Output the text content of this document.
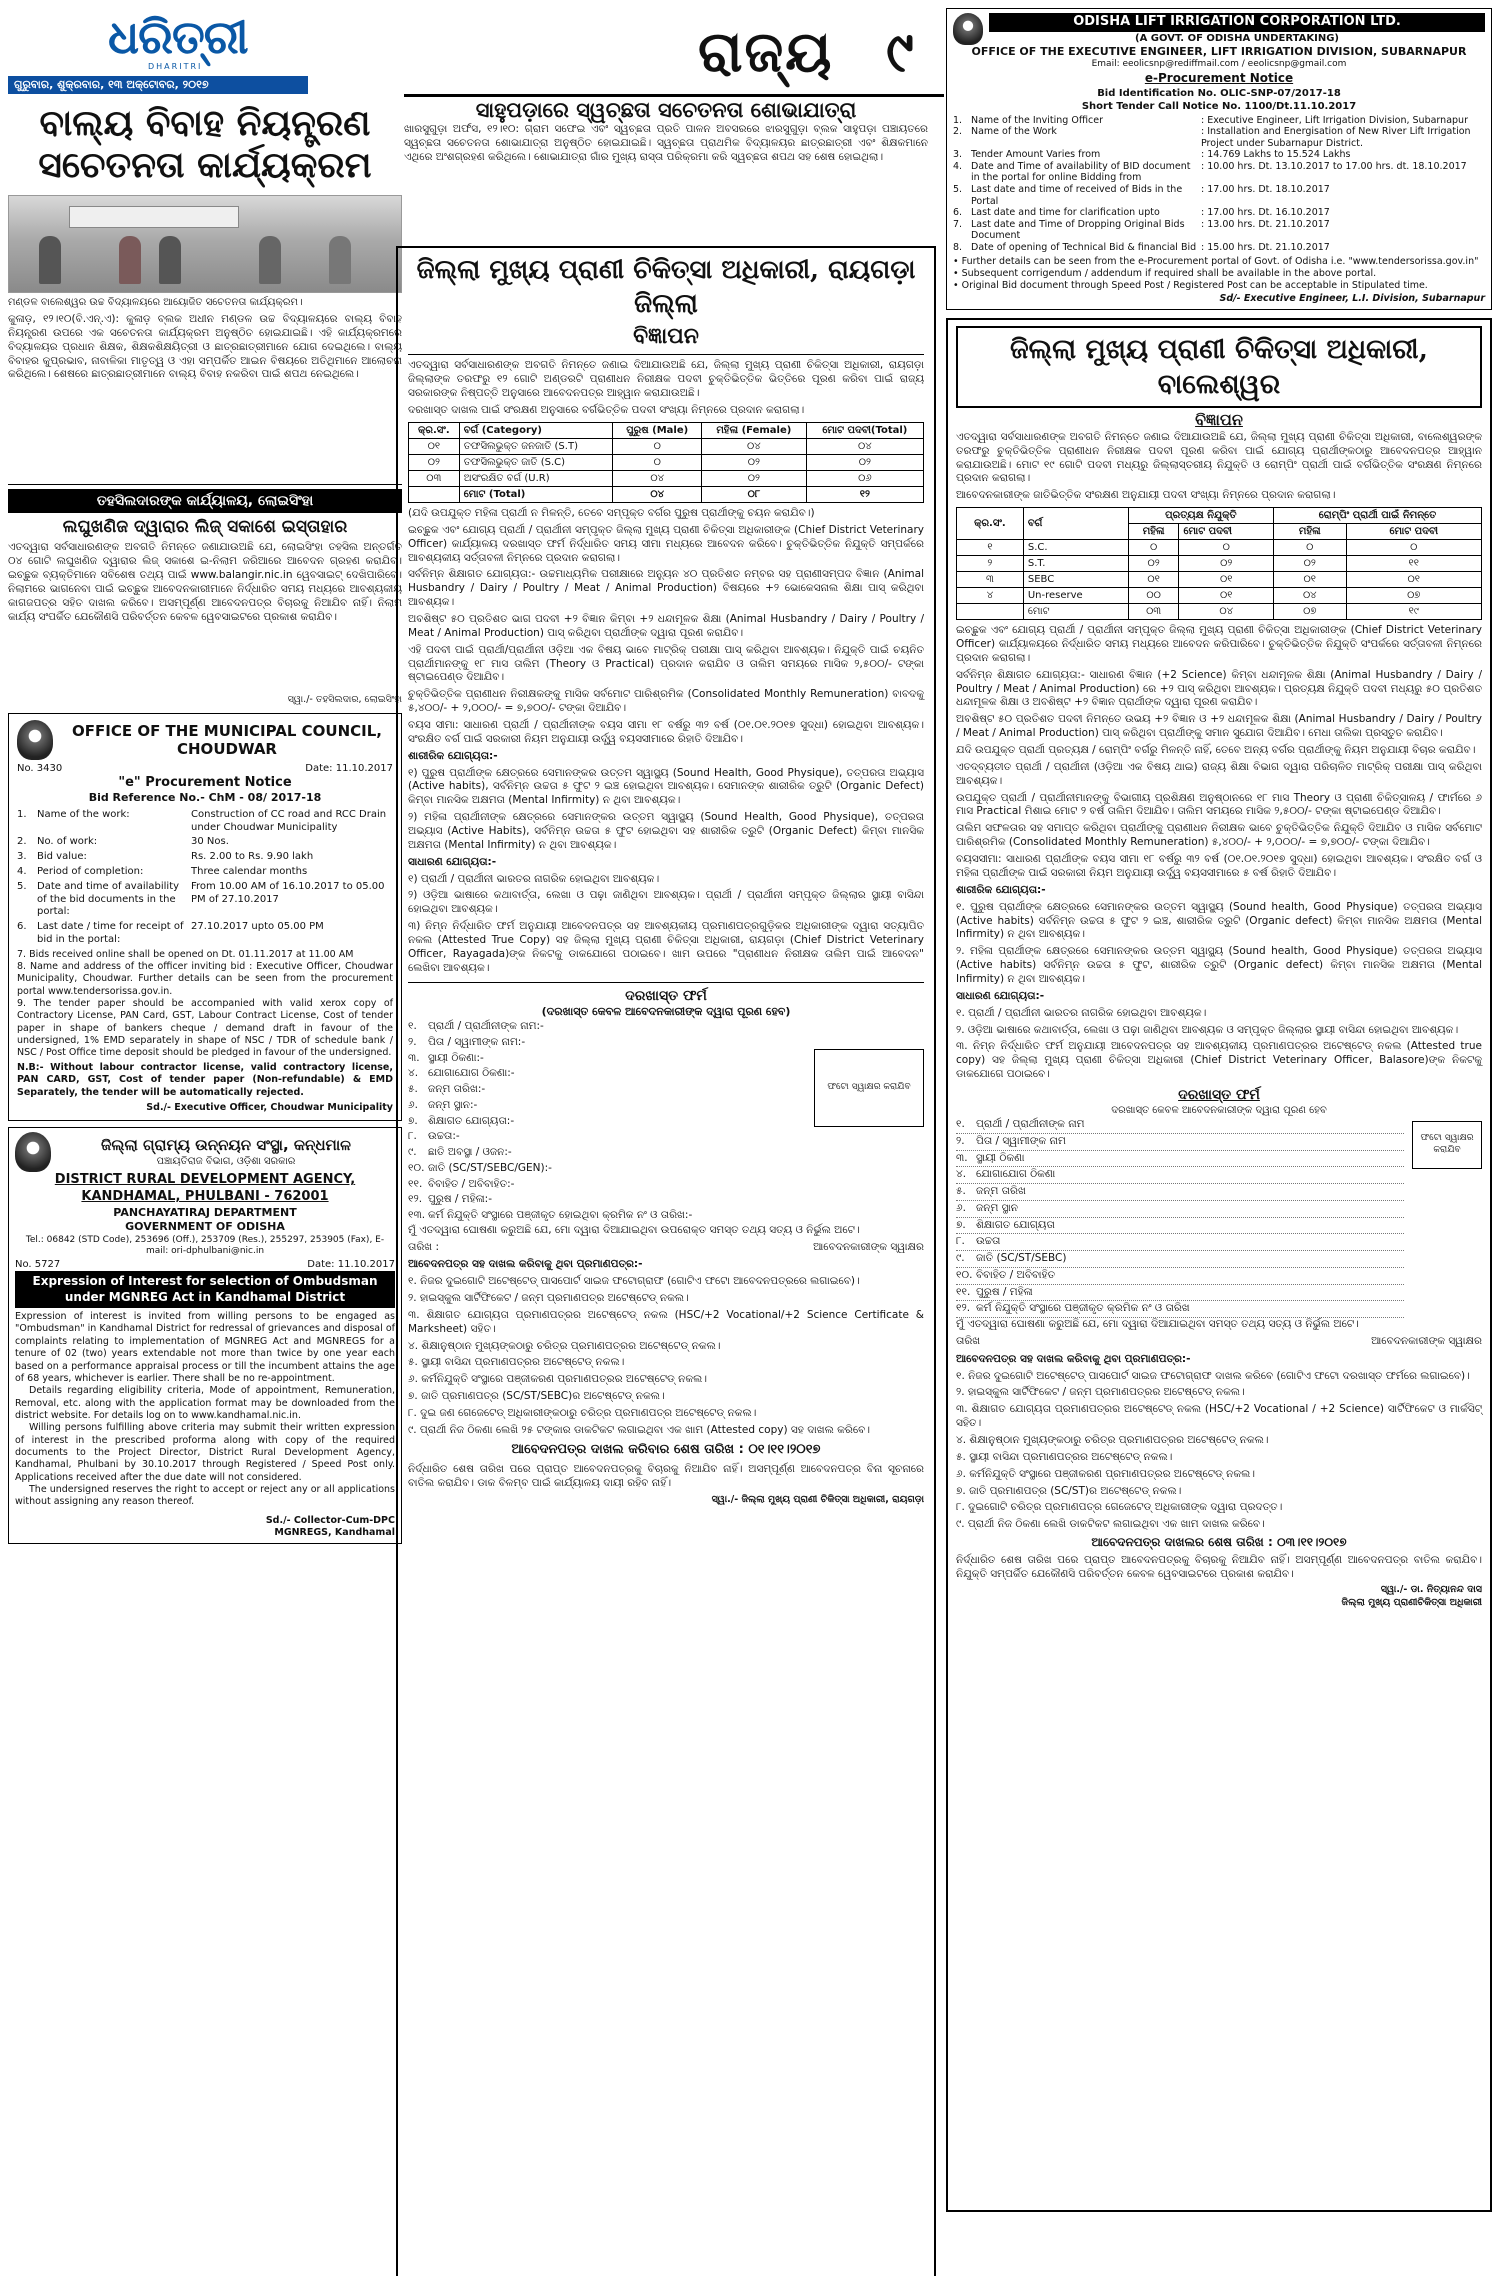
ଧରିତ୍ରୀ
DHARITRI
ଗୁରୁବାର, ଶୁକ୍ରବାର, ୧୩ ଅକ୍ଟୋବର, ୨୦୧୭	ରାଜ୍ୟ ୯
ବାଲ୍ୟ ବିବାହ ନିୟନ୍ତ୍ରଣ ସଚେତନତା କାର୍ଯ୍ୟକ୍ରମ
ମଣ୍ଡଳ ବାଲେଶ୍ୱର ଉଚ୍ଚ ବିଦ୍ୟାଳୟରେ ଆୟୋଜିତ ସଚେତନତା କାର୍ଯ୍ୟକ୍ରମ।
କୁଳାଡ଼, ୧୨।୧୦(ବି.ଏନ୍.ଏ): କୁଳାଡ଼ ବ୍ଲକ ଅଧୀନ ମଣ୍ଡଳ ଉଚ୍ଚ ବିଦ୍ୟାଳୟରେ ବାଲ୍ୟ ବିବାହ ନିୟନ୍ତ୍ରଣ ଉପରେ ଏକ ସଚେତନତା କାର୍ଯ୍ୟକ୍ରମ ଅନୁଷ୍ଠିତ ହୋଇଯାଇଛି। ଏହି କାର୍ଯ୍ୟକ୍ରମରେ ବିଦ୍ୟାଳୟର ପ୍ରଧାନ ଶିକ୍ଷକ, ଶିକ୍ଷକଶିକ୍ଷୟିତ୍ରୀ ଓ ଛାତ୍ରଛାତ୍ରୀମାନେ ଯୋଗ ଦେଇଥିଲେ। ବାଲ୍ୟ ବିବାହର କୁପ୍ରଭାବ, ନାବାଳିକା ମାତୃତ୍ୱ ଓ ଏହା ସମ୍ପର୍କିତ ଆଇନ ବିଷୟରେ ଅତିଥିମାନେ ଆଲୋଚନା କରିଥିଲେ। ଶେଷରେ ଛାତ୍ରଛାତ୍ରୀମାନେ ବାଲ୍ୟ ବିବାହ ନକରିବା ପାଇଁ ଶପଥ ନେଇଥିଲେ।
ତହସିଲଦାରଙ୍କ କାର୍ଯ୍ୟାଳୟ, ଲୋଇସିଂହା
ଲଘୁଖଣିଜ ଦ୍ୱାରାର ଲିଜ୍ ସକାଶେ ଇସ୍ତାହାର
ଏତଦ୍ୱାରା ସର୍ବସାଧାରଣଙ୍କ ଅବଗତି ନିମନ୍ତେ ଜଣାଯାଉଅଛି ଯେ, ଲୋଇସିଂହା ତହସିଲ ଅନ୍ତର୍ଗତ ୦୪ ଗୋଟି ଲଘୁଖଣିଜ ଦ୍ୱାରାର ଲିଜ୍ ସକାଶେ ଇ-ନିଲାମ ଜରିଆରେ ଆବେଦନ ଗ୍ରହଣ କରାଯିବ। ଇଚ୍ଛୁକ ବ୍ୟକ୍ତିମାନେ ସବିଶେଷ ତଥ୍ୟ ପାଇଁ www.balangir.nic.in ୱେବସାଇଟ୍ ଦେଖିପାରିବେ। ନିଲାମରେ ଭାଗନେବା ପାଇଁ ଇଚ୍ଛୁକ ଆବେଦନକାରୀମାନେ ନିର୍ଦ୍ଧାରିତ ସମୟ ମଧ୍ୟରେ ଆବଶ୍ୟକୀୟ କାଗଜପତ୍ର ସହିତ ଦାଖଲ କରିବେ। ଅସମ୍ପୂର୍ଣ୍ଣ ଆବେଦନପତ୍ର ବିଚାରକୁ ନିଆଯିବ ନାହିଁ। ନିଲାମ କାର୍ଯ୍ୟ ସଂପର୍କିତ ଯେକୌଣସି ପରିବର୍ତ୍ତନ କେବଳ ୱେବସାଇଟରେ ପ୍ରକାଶ କରାଯିବ।
ସ୍ୱା./- ତହସିଲଦାର, ଲୋଇସିଂହା
OFFICE OF THE MUNICIPAL COUNCIL, CHOUDWAR
No. 3430	Date: 11.10.2017
"e" Procurement Notice
Bid Reference No.- ChM - 08/ 2017-18
1.	Name of the work:	Construction of CC road and RCC Drain under Choudwar Municipality
2.	No. of work:	30 Nos.
3.	Bid value:	Rs. 2.00 to Rs. 9.90 lakh
4.	Period of completion:	Three calendar months
5.	Date and time of availability of the bid documents in the portal:
From 10.00 AM of 16.10.2017 to 05.00 PM of 27.10.2017
6.	Last date / time for receipt of bid in the portal:
27.10.2017 upto 05.00 PM
7. Bids received online shall be opened on Dt. 01.11.2017 at 11.00 AM
8. Name and address of the officer inviting bid : Executive Officer, Choudwar Municipality, Choudwar. Further details can be seen from the procurement portal www.tendersorissa.gov.in.
9. The tender paper should be accompanied with valid xerox copy of Contractory License, PAN Card, GST, Labour Contract License, Cost of tender paper in shape of bankers cheque / demand draft in favour of the undersigned, 1% EMD separately in shape of NSC / TDR of schedule bank / NSC / Post Office time deposit should be pledged in favour of the undersigned.
N.B:- Without labour contractor license, valid contractory license, PAN CARD, GST, Cost of tender paper (Non-refundable) & EMD Separately, the tender will be automatically rejected.
Sd./- Executive Officer, Choudwar Municipality
ଜିଲ୍ଲା ଗ୍ରାମ୍ୟ ଉନ୍ନୟନ ସଂସ୍ଥା, କନ୍ଧମାଳ
ପଞ୍ଚାୟତିରାଜ ବିଭାଗ, ଓଡ଼ିଶା ସରକାର
DISTRICT RURAL DEVELOPMENT AGENCY, KANDHAMAL, PHULBANI - 762001
PANCHAYATIRAJ DEPARTMENT
GOVERNMENT OF ODISHA
Tel.: 06842 (STD Code), 253696 (Off.), 253709 (Res.), 255297, 253905 (Fax), E-mail: ori-dphulbani@nic.in
No. 5727	Date: 11.10.2017
Expression of Interest for selection of Ombudsman under MGNREG Act in Kandhamal District
Expression of interest is invited from willing persons to be engaged as "Ombudsman" in Kandhamal District for redressal of grievances and disposal of complaints relating to implementation of MGNREG Act and MGNREGS for a tenure of 02 (two) years extendable not more than twice by one year each based on a performance appraisal process or till the incumbent attains the age of 68 years, whichever is earlier. There shall be no re-appointment.
Details regarding eligibility criteria, Mode of appointment, Remuneration, Removal, etc. along with the application format may be downloaded from the district website. For details log on to www.kandhamal.nic.in.
Willing persons fulfilling above criteria may submit their written expression of interest in the prescribed proforma along with copy of the required documents to the Project Director, District Rural Development Agency, Kandhamal, Phulbani by 30.10.2017 through Registered / Speed Post only. Applications received after the due date will not considered.
The undersigned reserves the right to accept or reject any or all applications without assigning any reason thereof.
Sd./- Collector-Cum-DPC
MGNREGS, Kandhamal
ସାହୁପଡ଼ାରେ ସ୍ୱଚ୍ଛତା ସଚେତନତା ଶୋଭାଯାତ୍ରା
ଖାରସୁଗୁଡ଼ା ଅର୍ଫସ, ୧୨।୧୦: ଗ୍ରାମ ସଫେଇ ଏବଂ ସ୍ୱଚ୍ଛତା ପ୍ରତି ପାଳନ ଅବସରରେ ଝାରସୁଗୁଡ଼ା ବ୍ଲକ ସାହୁପଡ଼ା ପଞ୍ଚାୟତରେ ସ୍ୱଚ୍ଛତା ସଚେତନତା ଶୋଭାଯାତ୍ରା ଅନୁଷ୍ଠିତ ହୋଇଯାଇଛି। ସ୍ୱଚ୍ଛତା ପ୍ରାଥମିକ ବିଦ୍ୟାଳୟର ଛାତ୍ରଛାତ୍ରୀ ଏବଂ ଶିକ୍ଷକମାନେ ଏଥିରେ ଅଂଶଗ୍ରହଣ କରିଥିଲେ। ଶୋଭାଯାତ୍ରା ଗାଁର ମୁଖ୍ୟ ରାସ୍ତା ପରିକ୍ରମା କରି ସ୍ୱଚ୍ଛତା ଶପଥ ସହ ଶେଷ ହୋଇଥିଲା।
ଜିଲ୍ଲା ମୁଖ୍ୟ ପ୍ରାଣୀ ଚିକିତ୍ସା ଅଧିକାରୀ, ରାୟଗଡ଼ା ଜିଲ୍ଲା
ବିଜ୍ଞାପନ
ଏତଦ୍ୱାରା ସର୍ବସାଧାରଣଙ୍କ ଅବଗତି ନିମନ୍ତେ ଜଣାଇ ଦିଆଯାଉଅଛି ଯେ, ଜିଲ୍ଲା ମୁଖ୍ୟ ପ୍ରାଣୀ ଚିକିତ୍ସା ଅଧିକାରୀ, ରାୟଗଡ଼ା ଜିଲ୍ଲାଙ୍କ ତରଫରୁ ୧୨ ଗୋଟି ଅଣ୍ଡରଟି ପ୍ରାଣୀଧନ ନିରୀକ୍ଷକ ପଦବୀ ଚୁକ୍ତିଭିତ୍ତିକ ଭିତ୍ତିରେ ପୂରଣ କରିବା ପାଇଁ ରାଜ୍ୟ ସରକାରଙ୍କ ନିଷ୍ପତ୍ତି ଅନୁସାରେ ଆବେଦନପତ୍ର ଆହ୍ୱାନ କରାଯାଉଅଛି।
ଦରଖାସ୍ତ ଦାଖଲ ପାଇଁ ସଂରକ୍ଷଣ ଅନୁସାରେ ବର୍ଗଭିତ୍ତିକ ପଦବୀ ସଂଖ୍ୟା ନିମ୍ନରେ ପ୍ରଦାନ କରାଗଲା।
କ୍ର.ସଂ.	ବର୍ଗ (Category)	ପୁରୁଷ (Male)	ମହିଳା (Female)	ମୋଟ ପଦବୀ(Total)
୦୧	ତଫସିଲଭୁକ୍ତ ଜନଜାତି (S.T)	୦	୦୪	୦୪
୦୨	ତଫସିଲଭୁକ୍ତ ଜାତି (S.C)	୦	୦୨	୦୨
୦୩	ଅସଂରକ୍ଷିତ ବର୍ଗ (U.R)	୦୪	୦୨	୦୬
	ମୋଟ (Total)	୦୪	୦୮	୧୨
(ଯଦି ଉପଯୁକ୍ତ ମହିଳା ପ୍ରାର୍ଥୀ ନ ମିଳନ୍ତି, ତେବେ ସମ୍ପୃକ୍ତ ବର୍ଗର ପୁରୁଷ ପ୍ରାର୍ଥୀଙ୍କୁ ଚୟନ କରାଯିବ।)
ଇଚ୍ଛୁକ ଏବଂ ଯୋଗ୍ୟ ପ୍ରାର୍ଥୀ / ପ୍ରାର୍ଥୀନୀ ସମ୍ପୃକ୍ତ ଜିଲ୍ଲା ମୁଖ୍ୟ ପ୍ରାଣୀ ଚିକିତ୍ସା ଅଧିକାରୀଙ୍କ (Chief District Veterinary Officer) କାର୍ଯ୍ୟାଳୟ ଦରଖାସ୍ତ ଫର୍ମ ନିର୍ଦ୍ଧାରିତ ସମୟ ସୀମା ମଧ୍ୟରେ ଆବେଦନ କରିବେ। ଚୁକ୍ତିଭିତ୍ତିକ ନିଯୁକ୍ତି ସମ୍ପର୍କରେ ଆବଶ୍ୟକୀୟ ସର୍ତ୍ତାବଳୀ ନିମ୍ନରେ ପ୍ରଦାନ କରାଗଲା।
ସର୍ବନିମ୍ନ ଶିକ୍ଷାଗତ ଯୋଗ୍ୟତା:- ଉଚ୍ଚମାଧ୍ୟମିକ ପରୀକ୍ଷାରେ ଅନ୍ୟୁନ ୪୦ ପ୍ରତିଶତ ନମ୍ବର ସହ ପ୍ରାଣୀସମ୍ପଦ ବିଜ୍ଞାନ (Animal Husbandry / Dairy / Poultry / Meat / Animal Production) ବିଷୟରେ +୨ ଭୋକେସନାଲ ଶିକ୍ଷା ପାସ୍ କରିଥିବା ଆବଶ୍ୟକ।
ଅବଶିଷ୍ଟ ୫୦ ପ୍ରତିଶତ ଭାଗ ପଦବୀ +୨ ବିଜ୍ଞାନ କିମ୍ବା +୨ ଧନ୍ଦାମୂଳକ ଶିକ୍ଷା (Animal Husbandry / Dairy / Poultry / Meat / Animal Production) ପାସ୍ କରିଥିବା ପ୍ରାର୍ଥୀଙ୍କ ଦ୍ୱାରା ପୂରଣ କରାଯିବ।
ଏହି ପଦବୀ ପାଇଁ ପ୍ରାର୍ଥୀ/ପ୍ରାର୍ଥୀନୀ ଓଡ଼ିଆ ଏକ ବିଷୟ ଭାବେ ମାଟ୍ରିକ୍ ପରୀକ୍ଷା ପାସ୍ କରିଥିବା ଆବଶ୍ୟକ। ନିଯୁକ୍ତି ପାଇଁ ଚୟନିତ ପ୍ରାର୍ଥୀମାନଙ୍କୁ ୧୮ ମାସ ତାଲିମ (Theory ଓ Practical) ପ୍ରଦାନ କରାଯିବ ଓ ତାଲିମ ସମୟରେ ମାସିକ ୨,୫୦୦/- ଟଙ୍କା ଷ୍ଟାଇପେଣ୍ଡ ଦିଆଯିବ।
ଚୁକ୍ତିଭିତ୍ତିକ ପ୍ରାଣୀଧନ ନିରୀକ୍ଷକଙ୍କୁ ମାସିକ ସର୍ବମୋଟ ପାରିଶ୍ରମିକ (Consolidated Monthly Remuneration) ବାବଦକୁ ୫,୪୦୦/- + ୨,୦୦୦/- = ୭,୭୦୦/- ଟଙ୍କା ଦିଆଯିବ।
ବୟସ ସୀମା: ସାଧାରଣ ପ୍ରାର୍ଥୀ / ପ୍ରାର୍ଥୀନୀଙ୍କ ବୟସ ସୀମା ୧୮ ବର୍ଷରୁ ୩୨ ବର୍ଷ (୦୧.୦୧.୨୦୧୭ ସୁଦ୍ଧା) ହୋଇଥିବା ଆବଶ୍ୟକ। ସଂରକ୍ଷିତ ବର୍ଗ ପାଇଁ ସରକାରୀ ନିୟମ ଅନୁଯାୟୀ ଉର୍ଦ୍ଧ୍ୱ ବୟସସୀମାରେ ରିହାତି ଦିଆଯିବ।
ଶାରୀରିକ ଯୋଗ୍ୟତା:-
୧) ପୁରୁଷ ପ୍ରାର୍ଥୀଙ୍କ କ୍ଷେତ୍ରରେ ସେମାନଙ୍କର ଉତ୍ତମ ସ୍ୱାସ୍ଥ୍ୟ (Sound Health, Good Physique), ତତ୍ପରତା ଅଭ୍ୟାସ (Active habits), ସର୍ବନିମ୍ନ ଉଚ୍ଚତା ୫ ଫୁଟ ୨ ଇଞ୍ଚ ହୋଇଥିବା ଆବଶ୍ୟକ। ସେମାନଙ୍କ ଶାରୀରିକ ତ୍ରୁଟି (Organic Defect) କିମ୍ବା ମାନସିକ ଅକ୍ଷମତା (Mental Infirmity) ନ ଥିବା ଆବଶ୍ୟକ।
୨) ମହିଳା ପ୍ରାର୍ଥୀନୀଙ୍କ କ୍ଷେତ୍ରରେ ସେମାନଙ୍କର ଉତ୍ତମ ସ୍ୱାସ୍ଥ୍ୟ (Sound Health, Good Physique), ତତ୍ପରତା ଅଭ୍ୟାସ (Active Habits), ସର୍ବନିମ୍ନ ଉଚ୍ଚତା ୫ ଫୁଟ ହୋଇଥିବା ସହ ଶାରୀରିକ ତ୍ରୁଟି (Organic Defect) କିମ୍ବା ମାନସିକ ଅକ୍ଷମତା (Mental Infirmity) ନ ଥିବା ଆବଶ୍ୟକ।
ସାଧାରଣ ଯୋଗ୍ୟତା:-
୧) ପ୍ରାର୍ଥୀ / ପ୍ରାର୍ଥୀନୀ ଭାରତର ନାଗରିକ ହୋଇଥିବା ଆବଶ୍ୟକ।
୨) ଓଡ଼ିଆ ଭାଷାରେ କଥାବାର୍ତ୍ତା, ଲେଖା ଓ ପଢ଼ା ଜାଣିଥିବା ଆବଶ୍ୟକ। ପ୍ରାର୍ଥୀ / ପ୍ରାର୍ଥୀନୀ ସମ୍ପୃକ୍ତ ଜିଲ୍ଲାର ସ୍ଥାୟୀ ବାସିନ୍ଦା ହୋଇଥିବା ଆବଶ୍ୟକ।
୩) ନିମ୍ନ ନିର୍ଦ୍ଧାରିତ ଫର୍ମ ଅନୁଯାୟୀ ଆବେଦନପତ୍ର ସହ ଆବଶ୍ୟକୀୟ ପ୍ରମାଣପତ୍ରଗୁଡ଼ିକର ଅଧିକାରୀଙ୍କ ଦ୍ୱାରା ସତ୍ୟାପିତ ନକଲ (Attested True Copy) ସହ ଜିଲ୍ଲା ମୁଖ୍ୟ ପ୍ରାଣୀ ଚିକିତ୍ସା ଅଧିକାରୀ, ରାୟଗଡ଼ା (Chief District Veterinary Officer, Rayagada)ଙ୍କ ନିକଟକୁ ଡାକଯୋଗେ ପଠାଇବେ। ଖାମ ଉପରେ "ପ୍ରାଣୀଧନ ନିରୀକ୍ଷକ ତାଲିମ ପାଇଁ ଆବେଦନ" ଲେଖିବା ଆବଶ୍ୟକ।
ଦରଖାସ୍ତ ଫର୍ମ
(ଦରଖାସ୍ତ କେବଳ ଆବେଦନକାରୀଙ୍କ ଦ୍ୱାରା ପୂରଣ ହେବ)
୧.	ପ୍ରାର୍ଥୀ / ପ୍ରାର୍ଥୀନୀଙ୍କ ନାମ:-
୨.	ପିତା / ସ୍ୱାମୀଙ୍କ ନାମ:-
୩. ସ୍ଥାୟୀ ଠିକଣା:-
୪. ଯୋଗାଯୋଗ ଠିକଣା:-
୫. ଜନ୍ମ ତାରିଖ:-
୬. ଜନ୍ମ ସ୍ଥାନ:-
୭. ଶିକ୍ଷାଗତ ଯୋଗ୍ୟତା:-
୮.	ଉଚ୍ଚତା:-
୯.	ଛାତି ଅବସ୍ଥା / ଓଜନ:-
୧୦. ଜାତି (SC/ST/SEBC/GEN):-
୧୧. ବିବାହିତ / ଅବିବାହିତ:-
୧୨. ପୁରୁଷ / ମହିଳା:-
୧୩. କର୍ମ ନିଯୁକ୍ତି ସଂସ୍ଥାରେ ପଞ୍ଜୀକୃତ ହୋଇଥିବା କ୍ରମିକ ନଂ ଓ ତାରିଖ:-
ଫଟୋ ସ୍ୱାକ୍ଷର କରାଯିବ
ମୁଁ ଏତଦ୍ୱାରା ଘୋଷଣା କରୁଅଛି ଯେ, ମୋ ଦ୍ୱାରା ଦିଆଯାଇଥିବା ଉପରୋକ୍ତ ସମସ୍ତ ତଥ୍ୟ ସତ୍ୟ ଓ ନିର୍ଭୁଲ ଅଟେ।
ତାରିଖ :	ଆବେଦନକାରୀଙ୍କ ସ୍ୱାକ୍ଷର
ଆବେଦନପତ୍ର ସହ ଦାଖଲ କରିବାକୁ ଥିବା ପ୍ରମାଣପତ୍ର:-
୧. ନିଜର ଦୁଇଗୋଟି ଅଟେଷ୍ଟେଡ୍ ପାସପୋର୍ଟ ସାଇଜ ଫଟୋଗ୍ରାଫ (ଗୋଟିଏ ଫଟୋ ଆବେଦନପତ୍ରରେ ଲଗାଇବେ)।
୨. ହାଇସ୍କୁଲ ସାର୍ଟିଫିକେଟ / ଜନ୍ମ ପ୍ରମାଣପତ୍ର ଅଟେଷ୍ଟେଡ୍ ନକଲ।
୩. ଶିକ୍ଷାଗତ ଯୋଗ୍ୟତା ପ୍ରମାଣପତ୍ରର ଅଟେଷ୍ଟେଡ୍ ନକଲ (HSC/+2 Vocational/+2 Science Certificate & Marksheet) ସହିତ।
୪. ଶିକ୍ଷାନୁଷ୍ଠାନ ମୁଖ୍ୟଙ୍କଠାରୁ ଚରିତ୍ର ପ୍ରମାଣପତ୍ରର ଅଟେଷ୍ଟେଡ୍ ନକଲ।
୫. ସ୍ଥାୟୀ ବାସିନ୍ଦା ପ୍ରମାଣପତ୍ରର ଅଟେଷ୍ଟେଡ୍ ନକଲ।
୬. କର୍ମନିଯୁକ୍ତି ସଂସ୍ଥାରେ ପଞ୍ଜୀକରଣ ପ୍ରମାଣପତ୍ରର ଅଟେଷ୍ଟେଡ୍ ନକଲ।
୭. ଜାତି ପ୍ରମାଣପତ୍ର (SC/ST/SEBC)ର ଅଟେଷ୍ଟେଡ୍ ନକଲ।
୮. ଦୁଇ ଜଣ ଗେଜେଟେଡ୍ ଅଧିକାରୀଙ୍କଠାରୁ ଚରିତ୍ର ପ୍ରମାଣପତ୍ର ଅଟେଷ୍ଟେଡ୍ ନକଲ।
୯. ପ୍ରାର୍ଥୀ ନିଜ ଠିକଣା ଲେଖି ୨୫ ଟଙ୍କାର ଡାକଟିକଟ ଲଗାଇଥିବା ଏକ ଖାମ (Attested copy) ସହ ଦାଖଲ କରିବେ।
ଆବେଦନପତ୍ର ଦାଖଲ କରିବାର ଶେଷ ତାରିଖ : ୦୧।୧୧।୨୦୧୭
ନିର୍ଦ୍ଧାରିତ ଶେଷ ତାରିଖ ପରେ ପ୍ରାପ୍ତ ଆବେଦନପତ୍ରକୁ ବିଚାରକୁ ନିଆଯିବ ନାହିଁ। ଅସମ୍ପୂର୍ଣ୍ଣ ଆବେଦନପତ୍ର ବିନା ସୂଚନାରେ ବାତିଲ କରାଯିବ। ଡାକ ବିଳମ୍ବ ପାଇଁ କାର୍ଯ୍ୟାଳୟ ଦାୟୀ ରହିବ ନାହିଁ।
ସ୍ୱା./- ଜିଲ୍ଲା ମୁଖ୍ୟ ପ୍ରାଣୀ ଚିକିତ୍ସା ଅଧିକାରୀ, ରାୟଗଡ଼ା
ODISHA LIFT IRRIGATION CORPORATION LTD.
(A GOVT. OF ODISHA UNDERTAKING)
OFFICE OF THE EXECUTIVE ENGINEER, LIFT IRRIGATION DIVISION, SUBARNAPUR
Email: eeolicsnp@rediffmail.com / eeolicsnp@gmail.com
e-Procurement Notice
Bid Identification No. OLIC-SNP-07/2017-18
Short Tender Call Notice No. 1100/Dt.11.10.2017
1. Name of the Inviting Officer	: Executive Engineer, Lift Irrigation Division, Subarnapur
2. Name of the Work	: Installation and Energisation of New River Lift Irrigation Project under Subarnapur District.
3. Tender Amount Varies from	: 14.769 Lakhs to 15.524 Lakhs
4. Date and Time of availability of BID document in the portal for online Bidding from
: 10.00 hrs. Dt. 13.10.2017 to 17.00 hrs. dt. 18.10.2017
5. Last date and time of received of Bids in the Portal
: 17.00 hrs. Dt. 18.10.2017
6. Last date and time for clarification upto	: 17.00 hrs. Dt. 16.10.2017
7. Last date and Time of Dropping Original Bids Document
: 13.00 hrs. Dt. 21.10.2017
8. Date of opening of Technical Bid & financial Bid : 15.00 hrs. Dt. 21.10.2017
• Further details can be seen from the e-Procurement portal of Govt. of Odisha i.e. "www.tendersorissa.gov.in"
• Subsequent corrigendum / addendum if required shall be available in the above portal.
• Original Bid document through Speed Post / Registered Post can be acceptable in Stipulated time.
Sd/- Executive Engineer, L.I. Division, Subarnapur
ଜିଲ୍ଲା ମୁଖ୍ୟ ପ୍ରାଣୀ ଚିକିତ୍ସା ଅଧିକାରୀ, ବାଲେଶ୍ୱର
ବିଜ୍ଞାପନ
ଏତଦ୍ୱାରା ସର୍ବସାଧାରଣଙ୍କ ଅବଗତି ନିମନ୍ତେ ଜଣାଇ ଦିଆଯାଉଅଛି ଯେ, ଜିଲ୍ଲା ମୁଖ୍ୟ ପ୍ରାଣୀ ଚିକିତ୍ସା ଅଧିକାରୀ, ବାଲେଶ୍ୱରଙ୍କ ତରଫରୁ ଚୁକ୍ତିଭିତ୍ତିକ ପ୍ରାଣୀଧନ ନିରୀକ୍ଷକ ପଦବୀ ପୂରଣ କରିବା ପାଇଁ ଯୋଗ୍ୟ ପ୍ରାର୍ଥୀଙ୍କଠାରୁ ଆବେଦନପତ୍ର ଆହ୍ୱାନ କରାଯାଉଅଛି। ମୋଟ ୧୯ ଗୋଟି ପଦବୀ ମଧ୍ୟରୁ ଜିଲ୍ଲାସ୍ତରୀୟ ନିଯୁକ୍ତି ଓ ରୋମ୍ପିଂ ପ୍ରାର୍ଥୀ ପାଇଁ ବର୍ଗଭିତ୍ତିକ ସଂରକ୍ଷଣ ନିମ୍ନରେ ପ୍ରଦାନ କରାଗଲା।
ଆବେଦନକାରୀଙ୍କ ଜାତିଭିତ୍ତିକ ସଂରକ୍ଷଣ ଅନୁଯାୟୀ ପଦବୀ ସଂଖ୍ୟା ନିମ୍ନରେ ପ୍ରଦାନ କରାଗଲା।
କ୍ର.ସଂ.	ବର୍ଗ	ପ୍ରତ୍ୟକ୍ଷ ନିଯୁକ୍ତି		ରୋମ୍ପିଂ ପ୍ରାର୍ଥୀ ପାଇଁ ନିମନ୍ତେ	
		ମହିଳା	ମୋଟ ପଦବୀ	ମହିଳା	ମୋଟ ପଦବୀ
୧	S.C.	୦	୦	୦	୦
୨	S.T.	୦୨	୦୨	୦୨	୧୧
୩	SEBC	୦୧	୦୧	୦୧	୦୧
୪	Un-reserve	୦୦	୦୧	୦୪	୦୭
	ମୋଟ	୦୩	୦୪	୦୭	୧୯
ଇଚ୍ଛୁକ ଏବଂ ଯୋଗ୍ୟ ପ୍ରାର୍ଥୀ / ପ୍ରାର୍ଥୀନୀ ସମ୍ପୃକ୍ତ ଜିଲ୍ଲା ମୁଖ୍ୟ ପ୍ରାଣୀ ଚିକିତ୍ସା ଅଧିକାରୀଙ୍କ (Chief District Veterinary Officer) କାର୍ଯ୍ୟାଳୟରେ ନିର୍ଦ୍ଧାରିତ ସମୟ ମଧ୍ୟରେ ଆବେଦନ କରିପାରିବେ। ଚୁକ୍ତିଭିତ୍ତିକ ନିଯୁକ୍ତି ସଂପର୍କରେ ସର୍ତ୍ତାବଳୀ ନିମ୍ନରେ ପ୍ରଦାନ କରାଗଲା।
ସର୍ବନିମ୍ନ ଶିକ୍ଷାଗତ ଯୋଗ୍ୟତା:- ସାଧାରଣ ବିଜ୍ଞାନ (+2 Science) କିମ୍ବା ଧନ୍ଦାମୂଳକ ଶିକ୍ଷା (Animal Husbandry / Dairy / Poultry / Meat / Animal Production) ରେ +୨ ପାସ୍ କରିଥିବା ଆବଶ୍ୟକ। ପ୍ରତ୍ୟକ୍ଷ ନିଯୁକ୍ତି ପଦବୀ ମଧ୍ୟରୁ ୫୦ ପ୍ରତିଶତ ଧନ୍ଦାମୂଳକ ଶିକ୍ଷା ଓ ଅବଶିଷ୍ଟ +୨ ବିଜ୍ଞାନ ପ୍ରାର୍ଥୀଙ୍କ ଦ୍ୱାରା ପୂରଣ କରାଯିବ।
ଅବଶିଷ୍ଟ ୫୦ ପ୍ରତିଶତ ପଦବୀ ନିମନ୍ତେ ଉଭୟ +୨ ବିଜ୍ଞାନ ଓ +୨ ଧନ୍ଦାମୂଳକ ଶିକ୍ଷା (Animal Husbandry / Dairy / Poultry / Meat / Animal Production) ପାସ୍ କରିଥିବା ପ୍ରାର୍ଥୀଙ୍କୁ ସମାନ ସୁଯୋଗ ଦିଆଯିବ। ମେଧା ତାଲିକା ପ୍ରସ୍ତୁତ କରାଯିବ।
ଯଦି ଉପଯୁକ୍ତ ପ୍ରାର୍ଥୀ ପ୍ରତ୍ୟକ୍ଷ / ରୋମ୍ପିଂ ବର୍ଗରୁ ମିଳନ୍ତି ନାହିଁ, ତେବେ ଅନ୍ୟ ବର୍ଗର ପ୍ରାର୍ଥୀଙ୍କୁ ନିୟମ ଅନୁଯାୟୀ ବିଚାର କରାଯିବ।
ଏତଦ୍ବ୍ୟତୀତ ପ୍ରାର୍ଥୀ / ପ୍ରାର୍ଥୀନୀ (ଓଡ଼ିଆ ଏକ ବିଷୟ ଥାଇ) ରାଜ୍ୟ ଶିକ୍ଷା ବିଭାଗ ଦ୍ୱାରା ପରିଚାଳିତ ମାଟ୍ରିକ୍ ପରୀକ୍ଷା ପାସ୍ କରିଥିବା ଆବଶ୍ୟକ।
ଉପଯୁକ୍ତ ପ୍ରାର୍ଥୀ / ପ୍ରାର୍ଥୀନୀମାନଙ୍କୁ ବିଭାଗୀୟ ପ୍ରଶିକ୍ଷଣ ଅନୁଷ୍ଠାନରେ ୧୮ ମାସ Theory ଓ ପ୍ରାଣୀ ଚିକିତ୍ସାଳୟ / ଫାର୍ମରେ ୬ ମାସ Practical ମିଶାଇ ମୋଟ ୨ ବର୍ଷ ତାଲିମ ଦିଆଯିବ। ତାଲିମ ସମୟରେ ମାସିକ ୨,୫୦୦/- ଟଙ୍କା ଷ୍ଟାଇପେଣ୍ଡ ଦିଆଯିବ।
ତାଲିମ ସଫଳତାର ସହ ସମାପ୍ତ କରିଥିବା ପ୍ରାର୍ଥୀଙ୍କୁ ପ୍ରାଣୀଧନ ନିରୀକ୍ଷକ ଭାବେ ଚୁକ୍ତିଭିତ୍ତିକ ନିଯୁକ୍ତି ଦିଆଯିବ ଓ ମାସିକ ସର୍ବମୋଟ ପାରିଶ୍ରମିକ (Consolidated Monthly Remuneration) ୫,୪୦୦/- + ୨,୦୦୦/- = ୭,୭୦୦/- ଟଙ୍କା ଦିଆଯିବ।
ବୟସସୀମା: ସାଧାରଣ ପ୍ରାର୍ଥୀଙ୍କ ବୟସ ସୀମା ୧୮ ବର୍ଷରୁ ୩୨ ବର୍ଷ (୦୧.୦୧.୨୦୧୭ ସୁଦ୍ଧା) ହୋଇଥିବା ଆବଶ୍ୟକ। ସଂରକ୍ଷିତ ବର୍ଗ ଓ ମହିଳା ପ୍ରାର୍ଥୀଙ୍କ ପାଇଁ ସରକାରୀ ନିୟମ ଅନୁଯାୟୀ ଉର୍ଦ୍ଧ୍ୱ ବୟସସୀମାରେ ୫ ବର୍ଷ ରିହାତି ଦିଆଯିବ।
ଶାରୀରିକ ଯୋଗ୍ୟତା:-
୧. ପୁରୁଷ ପ୍ରାର୍ଥୀଙ୍କ କ୍ଷେତ୍ରରେ ସେମାନଙ୍କର ଉତ୍ତମ ସ୍ୱାସ୍ଥ୍ୟ (Sound health, Good Physique) ତତ୍ପରତା ଅଭ୍ୟାସ (Active habits) ସର୍ବନିମ୍ନ ଉଚ୍ଚତା ୫ ଫୁଟ ୨ ଇଞ୍ଚ, ଶାରୀରିକ ତ୍ରୁଟି (Organic defect) କିମ୍ବା ମାନସିକ ଅକ୍ଷମତା (Mental Infirmity) ନ ଥିବା ଆବଶ୍ୟକ।
୨. ମହିଳା ପ୍ରାର୍ଥୀଙ୍କ କ୍ଷେତ୍ରରେ ସେମାନଙ୍କର ଉତ୍ତମ ସ୍ୱାସ୍ଥ୍ୟ (Sound health, Good Physique) ତତ୍ପରତା ଅଭ୍ୟାସ (Active habits) ସର୍ବନିମ୍ନ ଉଚ୍ଚତା ୫ ଫୁଟ, ଶାରୀରିକ ତ୍ରୁଟି (Organic defect) କିମ୍ବା ମାନସିକ ଅକ୍ଷମତା (Mental Infirmity) ନ ଥିବା ଆବଶ୍ୟକ।
ସାଧାରଣ ଯୋଗ୍ୟତା:-
୧. ପ୍ରାର୍ଥୀ / ପ୍ରାର୍ଥୀନୀ ଭାରତର ନାଗରିକ ହୋଇଥିବା ଆବଶ୍ୟକ।
୨. ଓଡ଼ିଆ ଭାଷାରେ କଥାବାର୍ତ୍ତା, ଲେଖା ଓ ପଢ଼ା ଜାଣିଥିବା ଆବଶ୍ୟକ ଓ ସମ୍ପୃକ୍ତ ଜିଲ୍ଲାର ସ୍ଥାୟୀ ବାସିନ୍ଦା ହୋଇଥିବା ଆବଶ୍ୟକ।
୩. ନିମ୍ନ ନିର୍ଦ୍ଧାରିତ ଫର୍ମ ଅନୁଯାୟୀ ଆବେଦନପତ୍ର ସହ ଆବଶ୍ୟକୀୟ ପ୍ରମାଣପତ୍ରର ଅଟେଷ୍ଟେଡ୍ ନକଲ (Attested true copy) ସହ ଜିଲ୍ଲା ମୁଖ୍ୟ ପ୍ରାଣୀ ଚିକିତ୍ସା ଅଧିକାରୀ (Chief District Veterinary Officer, Balasore)ଙ୍କ ନିକଟକୁ ଡାକଯୋଗେ ପଠାଇବେ।
ଦରଖାସ୍ତ ଫର୍ମ
ଦରଖାସ୍ତ କେବଳ ଆବେଦନକାରୀଙ୍କ ଦ୍ୱାରା ପୂରଣ ହେବ
୧.	ପ୍ରାର୍ଥୀ / ପ୍ରାର୍ଥୀନୀଙ୍କ ନାମ
୨.	ପିତା / ସ୍ୱାମୀଙ୍କ ନାମ
୩. ସ୍ଥାୟୀ ଠିକଣା
୪. ଯୋଗାଯୋଗ ଠିକଣା
୫. ଜନ୍ମ ତାରିଖ
୬. ଜନ୍ମ ସ୍ଥାନ
୭. ଶିକ୍ଷାଗତ ଯୋଗ୍ୟତା
୮.	ଉଚ୍ଚତା
୯.	ଜାତି (SC/ST/SEBC)
୧୦. ବିବାହିତ / ଅବିବାହିତ
୧୧. ପୁରୁଷ / ମହିଳା
୧୨. କର୍ମ ନିଯୁକ୍ତି ସଂସ୍ଥାରେ ପଞ୍ଜୀକୃତ କ୍ରମିକ ନଂ ଓ ତାରିଖ
ଫଟୋ ସ୍ୱାକ୍ଷର କରାଯିବ
ମୁଁ ଏତଦ୍ୱାରା ଘୋଷଣା କରୁଅଛି ଯେ, ମୋ ଦ୍ୱାରା ଦିଆଯାଇଥିବା ସମସ୍ତ ତଥ୍ୟ ସତ୍ୟ ଓ ନିର୍ଭୁଲ ଅଟେ।
ତାରିଖ	ଆବେଦନକାରୀଙ୍କ ସ୍ୱାକ୍ଷର
ଆବେଦନପତ୍ର ସହ ଦାଖଲ କରିବାକୁ ଥିବା ପ୍ରମାଣପତ୍ର:-
୧. ନିଜର ଦୁଇଗୋଟି ଅଟେଷ୍ଟେଡ୍ ପାସପୋର୍ଟ ସାଇଜ ଫଟୋଗ୍ରାଫ ଦାଖଲ କରିବେ (ଗୋଟିଏ ଫଟୋ ଦରଖାସ୍ତ ଫର୍ମରେ ଲଗାଇବେ)।
୨. ହାଇସ୍କୁଲ ସାର୍ଟିଫିକେଟ / ଜନ୍ମ ପ୍ରମାଣପତ୍ରର ଅଟେଷ୍ଟେଡ୍ ନକଲ।
୩. ଶିକ୍ଷାଗତ ଯୋଗ୍ୟତା ପ୍ରମାଣପତ୍ରର ଅଟେଷ୍ଟେଡ୍ ନକଲ (HSC/+2 Vocational / +2 Science) ସାର୍ଟିଫିକେଟ ଓ ମାର୍କସିଟ୍ ସହିତ।
୪. ଶିକ୍ଷାନୁଷ୍ଠାନ ମୁଖ୍ୟଙ୍କଠାରୁ ଚରିତ୍ର ପ୍ରମାଣପତ୍ରର ଅଟେଷ୍ଟେଡ୍ ନକଲ।
୫. ସ୍ଥାୟୀ ବାସିନ୍ଦା ପ୍ରମାଣପତ୍ରର ଅଟେଷ୍ଟେଡ୍ ନକଲ।
୬. କର୍ମନିଯୁକ୍ତି ସଂସ୍ଥାରେ ପଞ୍ଜୀକରଣ ପ୍ରମାଣପତ୍ରର ଅଟେଷ୍ଟେଡ୍ ନକଲ।
୭. ଜାତି ପ୍ରମାଣପତ୍ର (SC/ST)ର ଅଟେଷ୍ଟେଡ୍ ନକଲ।
୮. ଦୁଇଗୋଟି ଚରିତ୍ର ପ୍ରମାଣପତ୍ର ଗେଜେଟେଡ୍ ଅଧିକାରୀଙ୍କ ଦ୍ୱାରା ପ୍ରଦତ୍ତ।
୯. ପ୍ରାର୍ଥୀ ନିଜ ଠିକଣା ଲେଖି ଡାକଟିକଟ ଲଗାଇଥିବା ଏକ ଖାମ ଦାଖଲ କରିବେ।
ଆବେଦନପତ୍ର ଦାଖଲର ଶେଷ ତାରିଖ : ୦୩।୧୧।୨୦୧୭
ନିର୍ଦ୍ଧାରିତ ଶେଷ ତାରିଖ ପରେ ପ୍ରାପ୍ତ ଆବେଦନପତ୍ରକୁ ବିଚାରକୁ ନିଆଯିବ ନାହିଁ। ଅସମ୍ପୂର୍ଣ୍ଣ ଆବେଦନପତ୍ର ବାତିଲ କରାଯିବ। ନିଯୁକ୍ତି ସମ୍ପର୍କିତ ଯେକୌଣସି ପରିବର୍ତ୍ତନ କେବଳ ୱେବସାଇଟରେ ପ୍ରକାଶ କରାଯିବ।
ସ୍ୱା./- ଡା. ନିତ୍ୟାନନ୍ଦ ଦାସ
ଜିଲ୍ଲା ମୁଖ୍ୟ ପ୍ରାଣୀଚିକିତ୍ସା ଅଧିକାରୀ
